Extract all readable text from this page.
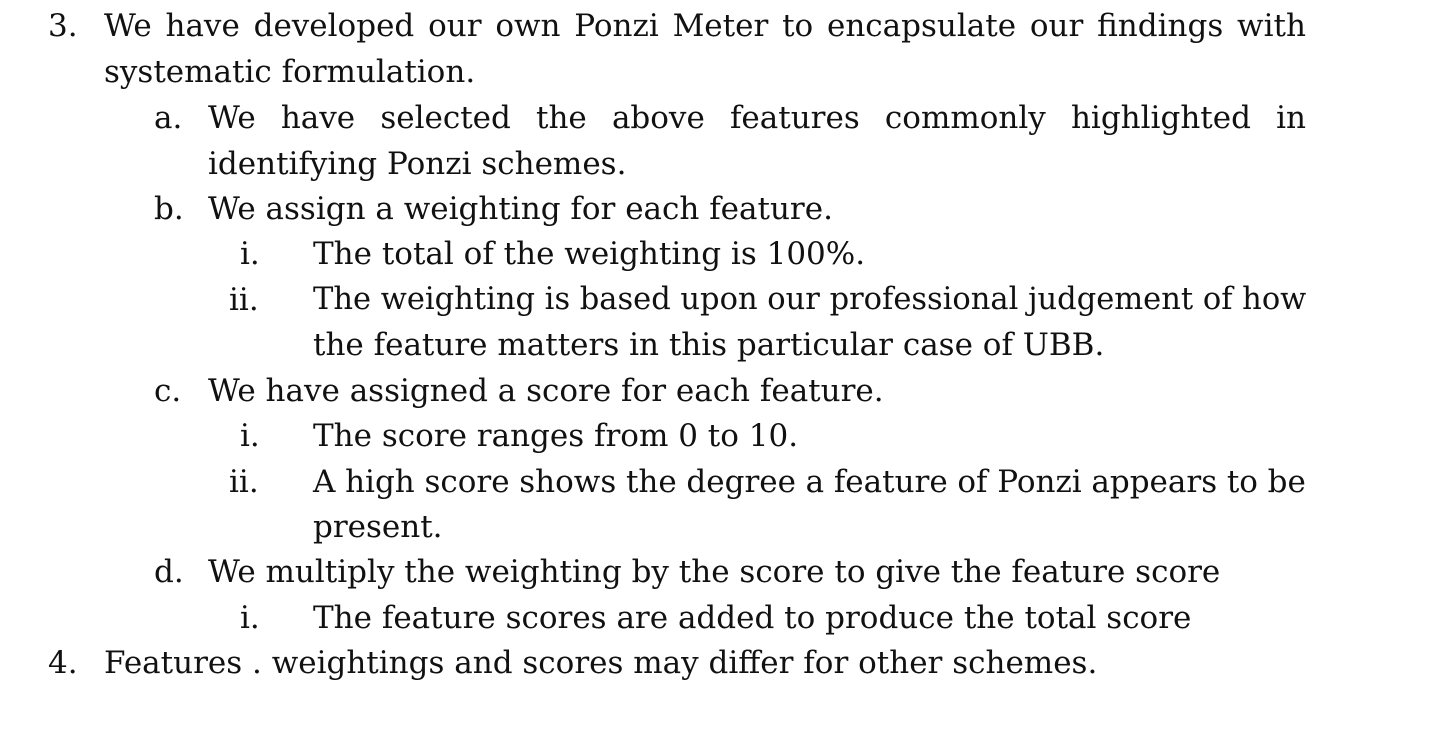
3. We have developed our own Ponzi Meter to encapsulate our findings with
systematic formulation.
a. We have selected the above features commonly highlighted in
identifying Ponzi schemes.
b. We assign a weighting for each feature.
i. The total of the weighting is 100%.
ii. The weighting is based upon our professional judgement of how
the feature matters in this particular case of UBB.
c. We have assigned a score for each feature.
i. The score ranges from 0 to 10.
ii. A high score shows the degree a feature of Ponzi appears to be
present.
d. We multiply the weighting by the score to give the feature score
i. The feature scores are added to produce the total score
4. Features . weightings and scores may differ for other schemes.
